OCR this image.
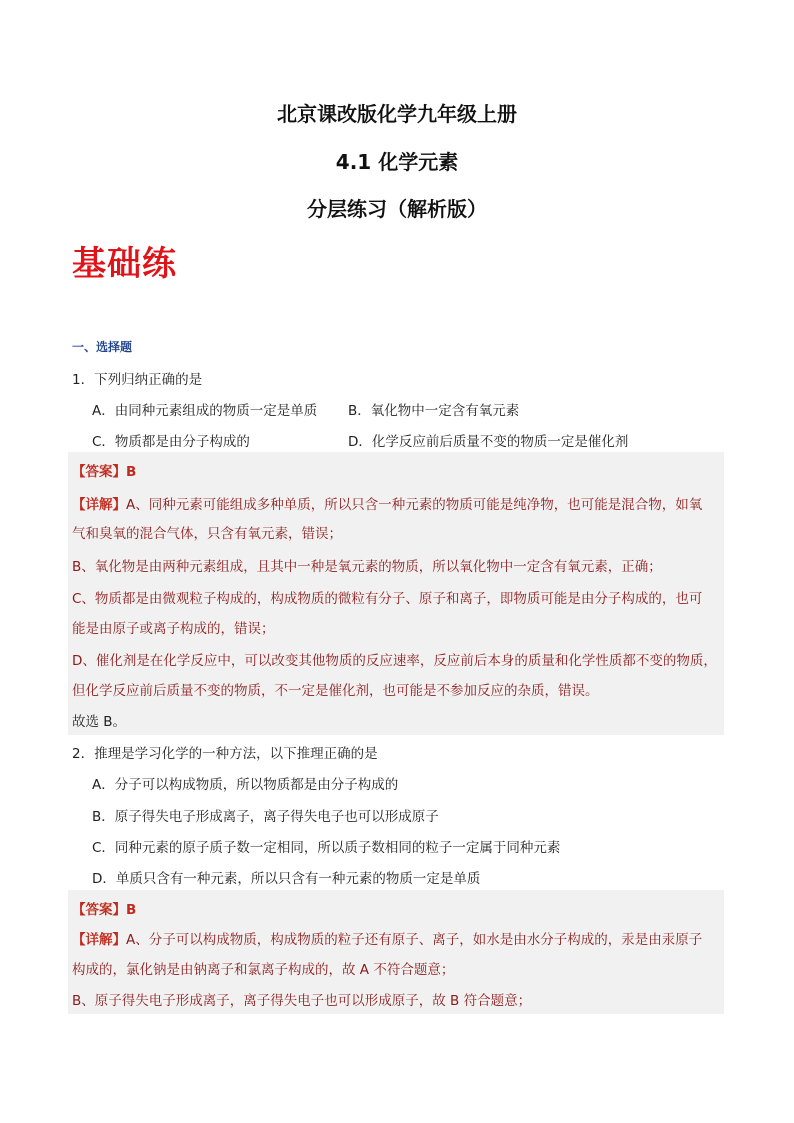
北京课改版化学九年级上册
4.1 化学元素
分层练习（解析版）
基础练
一、选择题
1．下列归纳正确的是
A．由同种元素组成的物质一定是单质 B．氧化物中一定含有氧元素
C．物质都是由分子构成的	D．化学反应前后质量不变的物质一定是催化剂
【答案】B
【详解】A、同种元素可能组成多种单质，所以只含一种元素的物质可能是纯净物，也可能是混合物，如氧
气和臭氧的混合气体，只含有氧元素，错误；
B、氧化物是由两种元素组成，且其中一种是氧元素的物质，所以氧化物中一定含有氧元素，正确；
C、物质都是由微观粒子构成的，构成物质的微粒有分子、原子和离子，即物质可能是由分子构成的，也可
能是由原子或离子构成的，错误；
D、催化剂是在化学反应中，可以改变其他物质的反应速率，反应前后本身的质量和化学性质都不变的物质，
但化学反应前后质量不变的物质，不一定是催化剂，也可能是不参加反应的杂质，错误。
故选 B。
2．推理是学习化学的一种方法，以下推理正确的是
A．分子可以构成物质，所以物质都是由分子构成的
B．原子得失电子形成离子，离子得失电子也可以形成原子
C．同种元素的原子质子数一定相同，所以质子数相同的粒子一定属于同种元素
D．单质只含有一种元素，所以只含有一种元素的物质一定是单质
【答案】B
【详解】A、分子可以构成物质，构成物质的粒子还有原子、离子，如水是由水分子构成的，汞是由汞原子
构成的，氯化钠是由钠离子和氯离子构成的，故 A 不符合题意；
B、原子得失电子形成离子，离子得失电子也可以形成原子，故 B 符合题意；
